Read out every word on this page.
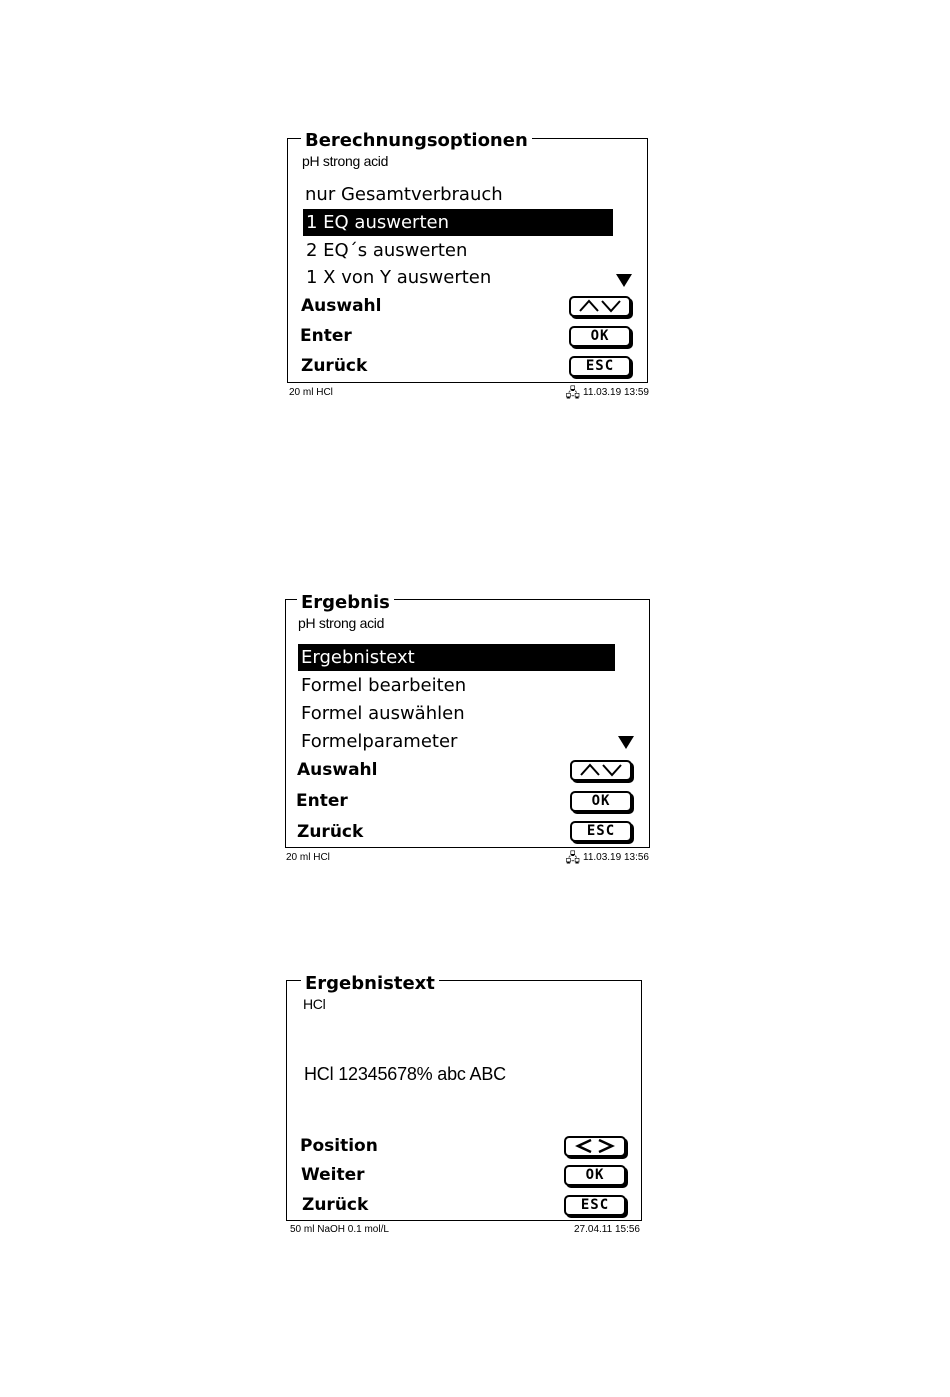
Berechnungsoptionen
pH strong acid
nur Gesamtverbrauch
1 EQ auswerten
2 EQ´s auswerten
1 X von Y auswerten
Auswahl
Enter	OK
Zurück	ESC
20 ml HCl	🖧 11.03.19 13:59
Ergebnis
pH strong acid
Ergebnistext
Formel bearbeiten
Formel auswählen
Formelparameter
Auswahl
Enter	OK
Zurück	ESC
20 ml HCl	🖧 11.03.19 13:56
Ergebnistext
HCl
HCl 12345678% abc ABC
Position
Weiter	OK
Zurück	ESC
50 ml NaOH 0.1 mol/L	27.04.11 15:56
